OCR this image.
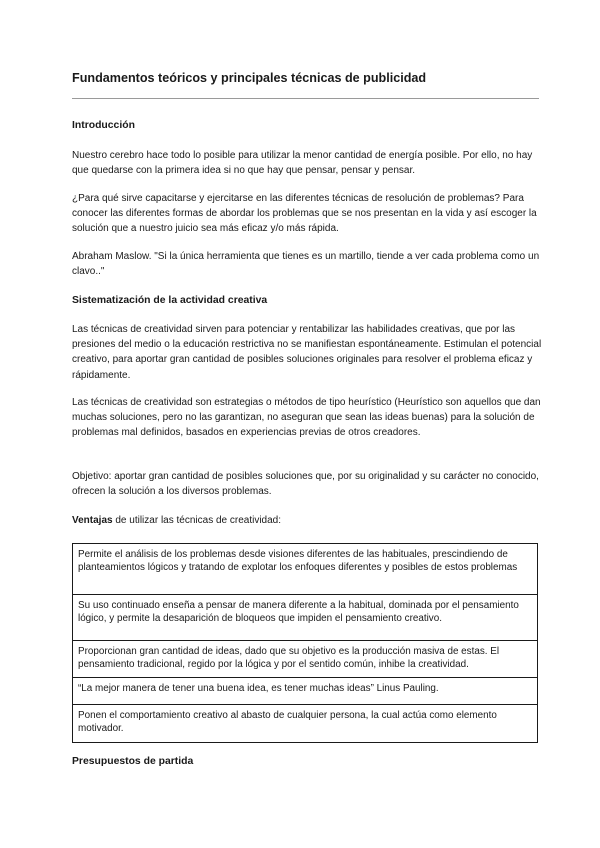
Fundamentos teóricos y principales técnicas de publicidad
Introducción

Nuestro cerebro hace todo lo posible para utilizar la menor cantidad de energía posible. Por ello, no hay que quedarse con la primera idea si no que hay que pensar, pensar y pensar.

¿Para qué sirve capacitarse y ejercitarse en las diferentes técnicas de resolución de problemas? Para conocer las diferentes formas de abordar los problemas que se nos presentan en la vida y así escoger la solución que a nuestro juicio sea más eficaz y/o más rápida.

Abraham Maslow. "Si la única herramienta que tienes es un martillo, tiende a ver cada problema como un clavo.."

Sistematización de la actividad creativa

Las técnicas de creatividad sirven para potenciar y rentabilizar las habilidades creativas, que por las presiones del medio o la educación restrictiva no se manifiestan espontáneamente. Estimulan el potencial creativo, para aportar gran cantidad de posibles soluciones originales para resolver el problema eficaz y rápidamente.

Las técnicas de creatividad son estrategias o métodos de tipo heurístico (Heurístico son aquellos que dan muchas soluciones, pero no las garantizan, no aseguran que sean las ideas buenas) para la solución de problemas mal definidos, basados en experiencias previas de otros creadores.

Objetivo: aportar gran cantidad de posibles soluciones que, por su originalidad y su carácter no conocido, ofrecen la solución a los diversos problemas.

Ventajas de utilizar las técnicas de creatividad:

Permite el análisis de los problemas desde visiones diferentes de las habituales, prescindiendo de planteamientos lógicos y tratando de explotar los enfoques diferentes y posibles de estos problemas
Su uso continuado enseña a pensar de manera diferente a la habitual, dominada por el pensamiento lógico, y permite la desaparición de bloqueos que impiden el pensamiento creativo.
Proporcionan gran cantidad de ideas, dado que su objetivo es la producción masiva de estas. El pensamiento tradicional, regido por la lógica y por el sentido común, inhibe la creatividad.
“La mejor manera de tener una buena idea, es tener muchas ideas” Linus Pauling.
Ponen el comportamiento creativo al abasto de cualquier persona, la cual actúa como elemento motivador.
Presupuestos de partida
